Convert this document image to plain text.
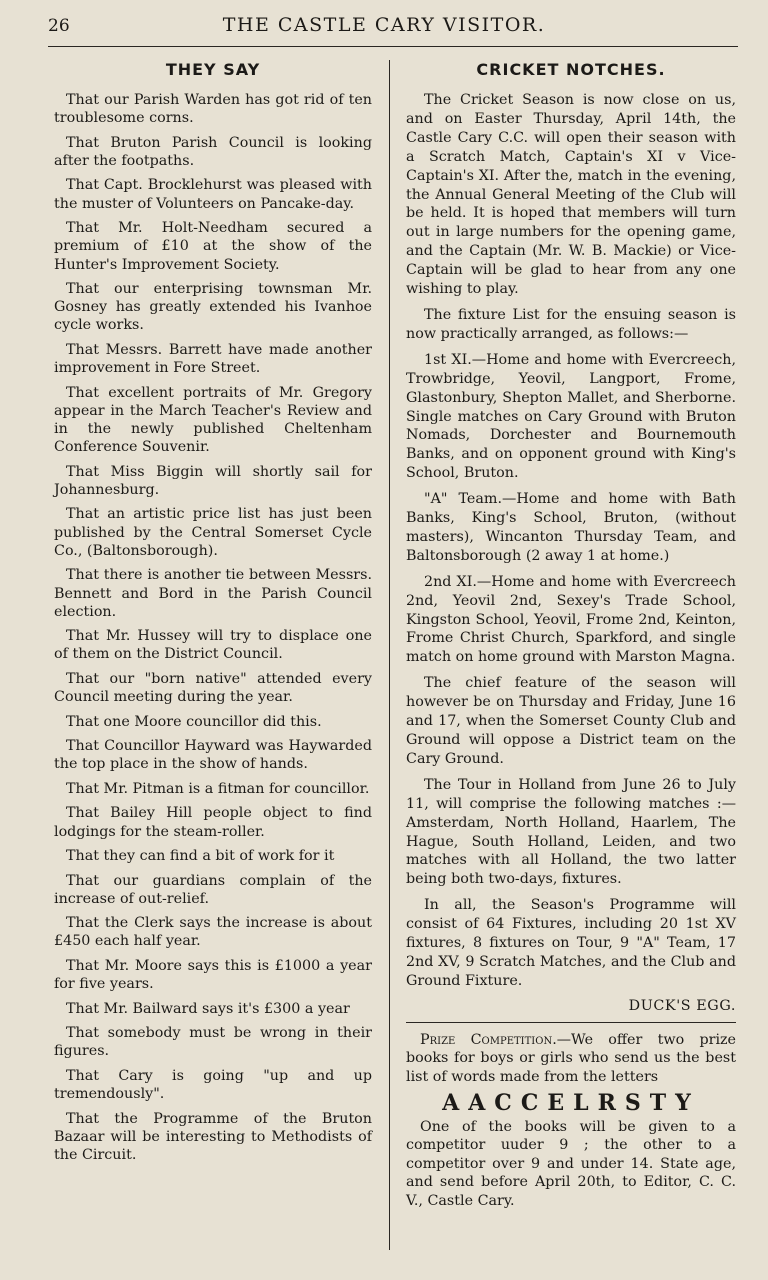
THE CASTLE CARY VISITOR.
26
THEY SAY

That our Parish Warden has got rid of ten troublesome corns.

That Bruton Parish Council is looking after the footpaths.

That Capt. Brocklehurst was pleased with the muster of Volunteers on Pancake-day.

That Mr. Holt-Needham secured a premium of £10 at the show of the Hunter's Improvement Society.

That our enterprising townsman Mr. Gosney has greatly extended his Ivanhoe cycle works.

That Messrs. Barrett have made another improvement in Fore Street.

That excellent portraits of Mr. Gregory appear in the March Teacher's Review and in the newly published Cheltenham Conference Souvenir.

That Miss Biggin will shortly sail for Johannesburg.

That an artistic price list has just been published by the Central Somerset Cycle Co., (Baltonsborough).

That there is another tie between Messrs. Bennett and Bord in the Parish Council election.

That Mr. Hussey will try to displace one of them on the District Council.

That our "born native" attended every Council meeting during the year.

That one Moore councillor did this.

That Councillor Hayward was Haywarded the top place in the show of hands.

That Mr. Pitman is a fitman for councillor.

That Bailey Hill people object to find lodgings for the steam-roller.

That they can find a bit of work for it

That our guardians complain of the increase of out-relief.

That the Clerk says the increase is about £450 each half year.

That Mr. Moore says this is £1000 a year for five years.

That Mr. Bailward says it's £300 a year

That somebody must be wrong in their figures.

That Cary is going "up and up tremendously".

That the Programme of the Bruton Bazaar will be interesting to Methodists of the Circuit.

CRICKET NOTCHES.

The Cricket Season is now close on us, and on Easter Thursday, April 14th, the Castle Cary C.C. will open their season with a Scratch Match, Captain's XI v Vice-Captain's XI. After the, match in the evening, the Annual General Meeting of the Club will be held. It is hoped that members will turn out in large numbers for the opening game, and the Captain (Mr. W. B. Mackie) or Vice-Captain will be glad to hear from any one wishing to play.

The fixture List for the ensuing season is now practically arranged, as follows:—

1st XI.—Home and home with Evercreech, Trowbridge, Yeovil, Langport, Frome, Glastonbury, Shepton Mallet, and Sherborne. Single matches on Cary Ground with Bruton Nomads, Dorchester and Bournemouth Banks, and on opponent ground with King's School, Bruton.

"A" Team.—Home and home with Bath Banks, King's School, Bruton, (without masters), Wincanton Thursday Team, and Baltonsborough (2 away 1 at home.)

2nd XI.—Home and home with Evercreech 2nd, Yeovil 2nd, Sexey's Trade School, Kingston School, Yeovil, Frome 2nd, Keinton, Frome Christ Church, Sparkford, and single match on home ground with Marston Magna.

The chief feature of the season will however be on Thursday and Friday, June 16 and 17, when the Somerset County Club and Ground will oppose a District team on the Cary Ground.

The Tour in Holland from June 26 to July 11, will comprise the following matches :—Amsterdam, North Holland, Haarlem, The Hague, South Holland, Leiden, and two matches with all Holland, the two latter being both two-days, fixtures.

In all, the Season's Programme will consist of 64 Fixtures, including 20 1st XV fixtures, 8 fixtures on Tour, 9 "A" Team, 17 2nd XV, 9 Scratch Matches, and the Club and Ground Fixture.

DUCK'S EGG.

Prize Competition.—We offer two prize books for boys or girls who send us the best list of words made from the letters

AACCELRSTY

One of the books will be given to a competitor uuder 9 ; the other to a competitor over 9 and under 14. State age, and send before April 20th, to Editor, C. C. V., Castle Cary.
